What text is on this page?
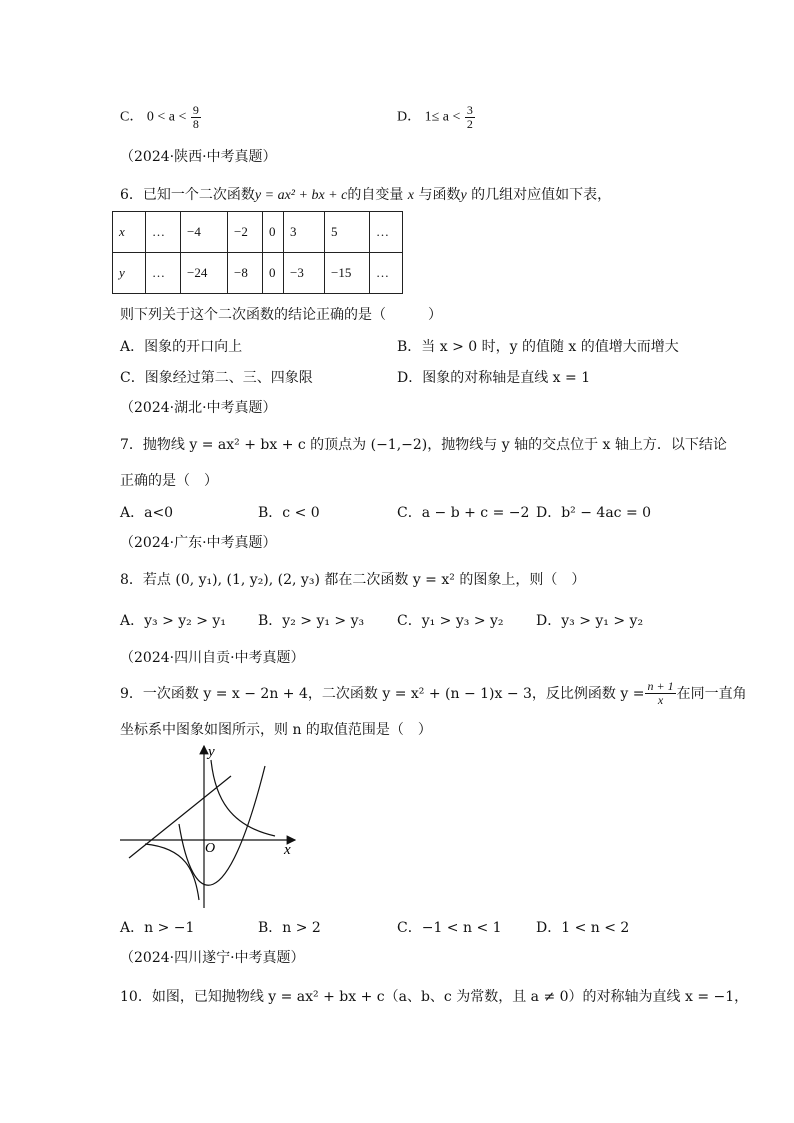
C． $0 < a < \frac{9}{8}$	D． $1\le a < \frac{3}{2}$
（2024·陕西·中考真题）
6．已知一个二次函数y = ax² + bx + c的自变量 x 与函数y 的几组对应值如下表，
x	…	−4	−2	0	3	5	…
y	…	−24	−8	0	−3	−15	…
则下列关于这个二次函数的结论正确的是（　　　）
A．图象的开口向上	B．当 x > 0 时，y 的值随 x 的值增大而增大
C．图象经过第二、三、四象限	D．图象的对称轴是直线 x = 1
（2024·湖北·中考真题）
7．抛物线 y = ax² + bx + c 的顶点为 (−1,−2)，抛物线与 y 轴的交点位于 x 轴上方．以下结论
正确的是（　）
A．a<0	B．c < 0	C．a − b + c = −2 D．b² − 4ac = 0
（2024·广东·中考真题）
8．若点 (0, y₁), (1, y₂), (2, y₃) 都在二次函数 y = x² 的图象上，则（　）
A．y₃ > y₂ > y₁ B．y₂ > y₁ > y₃ C．y₁ > y₃ > y₂ D．y₃ > y₁ > y₂
（2024·四川自贡·中考真题）
9．一次函数 y = x − 2n + 4，二次函数 y = x² + (n − 1)x − 3，反比例函数 $y = \frac{n + 1}{x}$ 在同一直角
坐标系中图象如图所示，则 n 的取值范围是（　）
y
x
O
A．n > −1	B．n > 2	C．−1 < n < 1 D．1 < n < 2
（2024·四川遂宁·中考真题）
10．如图，已知抛物线 y = ax² + bx + c（a、b、c 为常数，且 a ≠ 0）的对称轴为直线 x = −1，
